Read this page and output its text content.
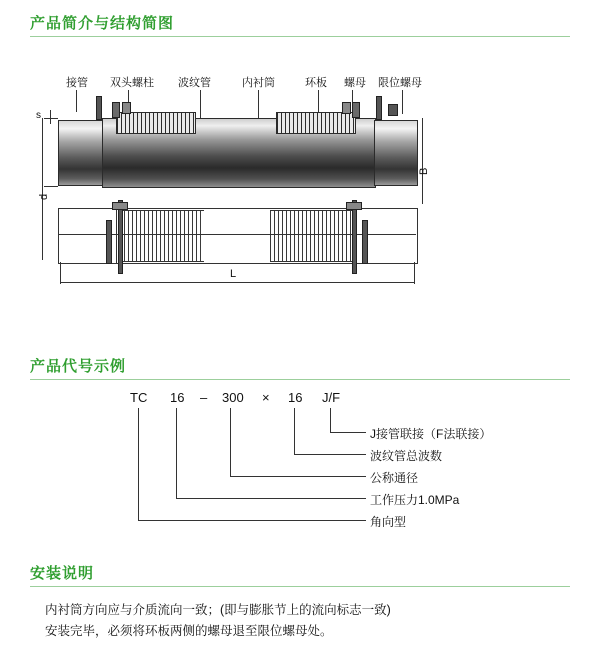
产品简介与结构简图
接管 双头螺柱 波纹管	内衬筒	环板 螺母 限位螺母
s
d
B
L
产品代号示例
TC 16 – 300 × 16 J/F
J接管联接（F法联接）
波纹管总波数
公称通径
工作压力1.0MPa
角向型
安装说明
内衬筒方向应与介质流向一致；(即与膨胀节上的流向标志一致)
安装完毕，必须将环板两侧的螺母退至限位螺母处。
